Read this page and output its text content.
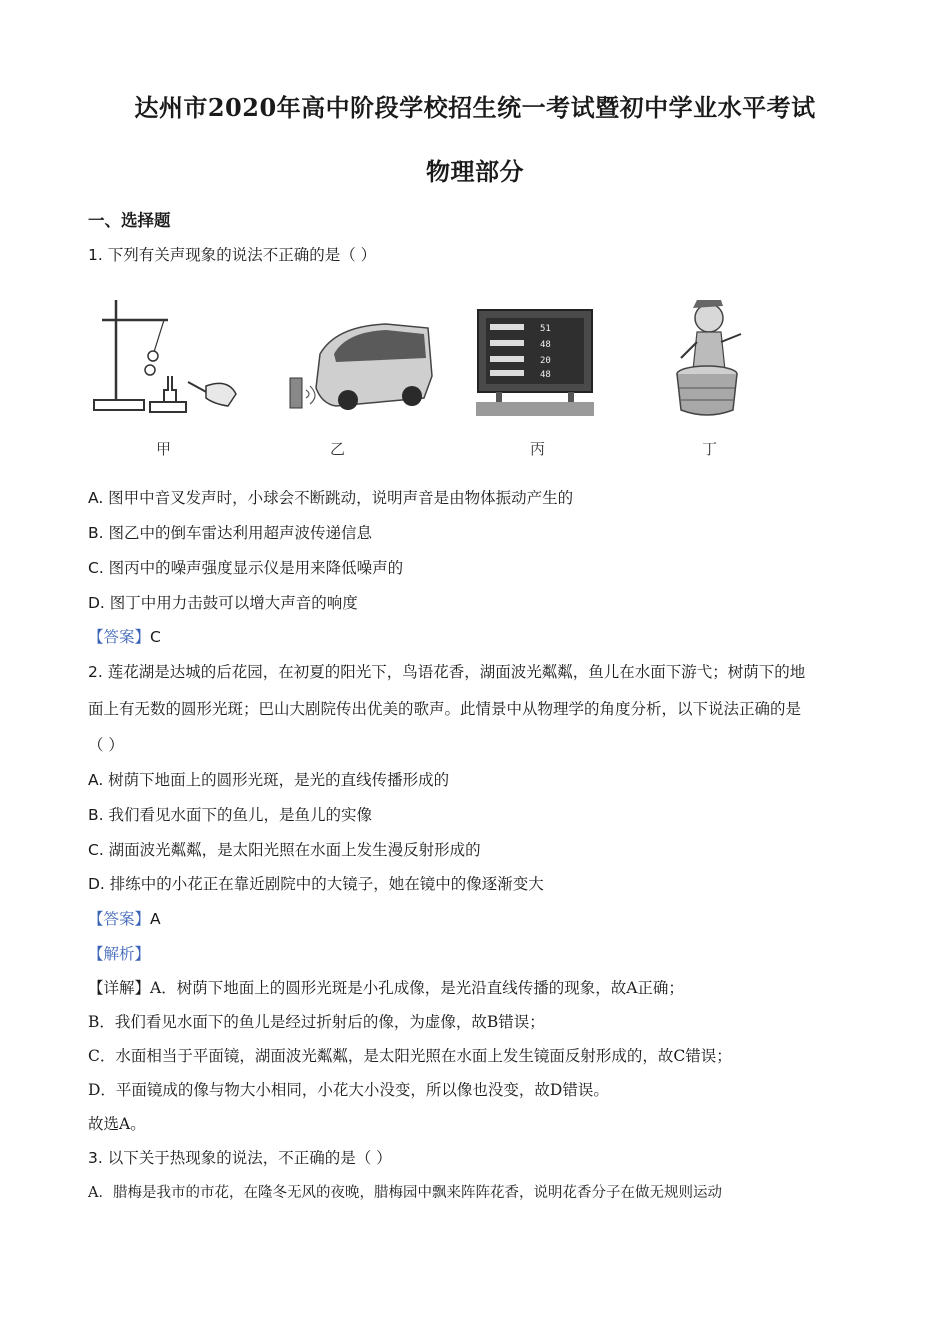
达州市2020年高中阶段学校招生统一考试暨初中学业水平考试
物理部分
一、选择题
1. 下列有关声现象的说法不正确的是（ ）
甲	乙
51
48
20
48
丙	丁
A. 图甲中音叉发声时，小球会不断跳动，说明声音是由物体振动产生的
B. 图乙中的倒车雷达利用超声波传递信息
C. 图丙中的噪声强度显示仪是用来降低噪声的
D. 图丁中用力击鼓可以增大声音的响度
【答案】C
2. 莲花湖是达城的后花园，在初夏的阳光下，鸟语花香，湖面波光粼粼，鱼儿在水面下游弋；树荫下的地
面上有无数的圆形光斑；巴山大剧院传出优美的歌声。此情景中从物理学的角度分析，以下说法正确的是
（ ）
A. 树荫下地面上的圆形光斑，是光的直线传播形成的
B. 我们看见水面下的鱼儿，是鱼儿的实像
C. 湖面波光粼粼，是太阳光照在水面上发生漫反射形成的
D. 排练中的小花正在靠近剧院中的大镜子，她在镜中的像逐渐变大
【答案】A
【解析】
【详解】A．树荫下地面上的圆形光斑是小孔成像，是光沿直线传播的现象，故A正确；
B．我们看见水面下的鱼儿是经过折射后的像，为虚像，故B错误；
C．水面相当于平面镜，湖面波光粼粼，是太阳光照在水面上发生镜面反射形成的，故C错误；
D．平面镜成的像与物大小相同，小花大小没变，所以像也没变，故D错误。
故选A。
3. 以下关于热现象的说法，不正确的是（ ）
A．腊梅是我市的市花，在隆冬无风的夜晚，腊梅园中飘来阵阵花香，说明花香分子在做无规则运动
